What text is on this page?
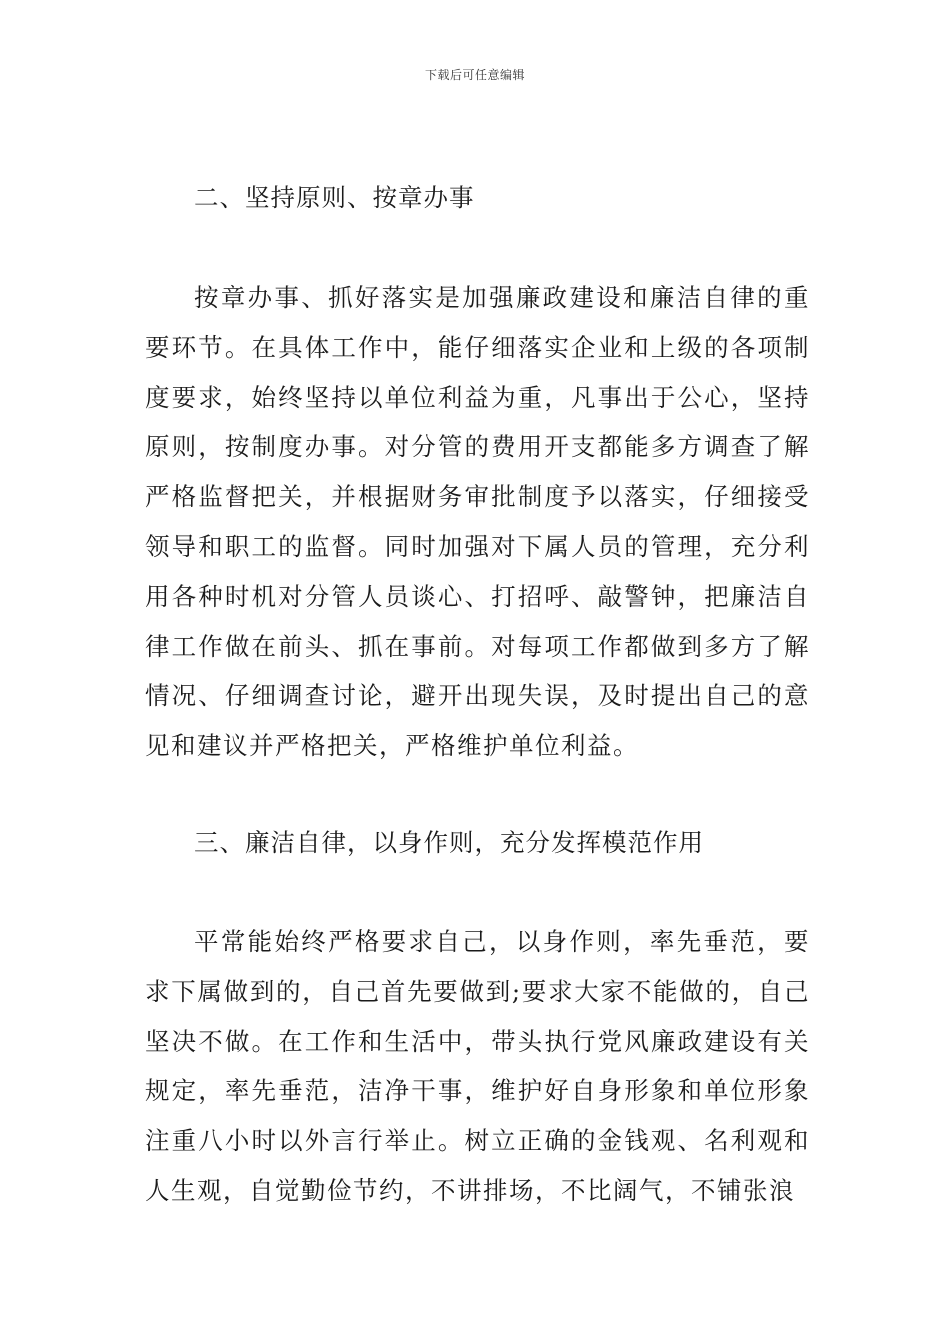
下载后可任意编辑
二、坚持原则、按章办事
按章办事、抓好落实是加强廉政建设和廉洁自律的重要环节。在具体工作中，能仔细落实企业和上级的各项制度要求，始终坚持以单位利益为重，凡事出于公心，坚持原则，按制度办事。对分管的费用开支都能多方调查了解严格监督把关，并根据财务审批制度予以落实，仔细接受领导和职工的监督。同时加强对下属人员的管理，充分利用各种时机对分管人员谈心、打招呼、敲警钟，把廉洁自律工作做在前头、抓在事前。对每项工作都做到多方了解情况、仔细调查讨论，避开出现失误，及时提出自己的意见和建议并严格把关，严格维护单位利益。
三、廉洁自律，以身作则，充分发挥模范作用
平常能始终严格要求自己，以身作则，率先垂范，要求下属做到的，自己首先要做到;要求大家不能做的，自己坚决不做。在工作和生活中，带头执行党风廉政建设有关规定，率先垂范，洁净干事，维护好自身形象和单位形象注重八小时以外言行举止。树立正确的金钱观、名利观和人生观，自觉勤俭节约，不讲排场，不比阔气，不铺张浪
